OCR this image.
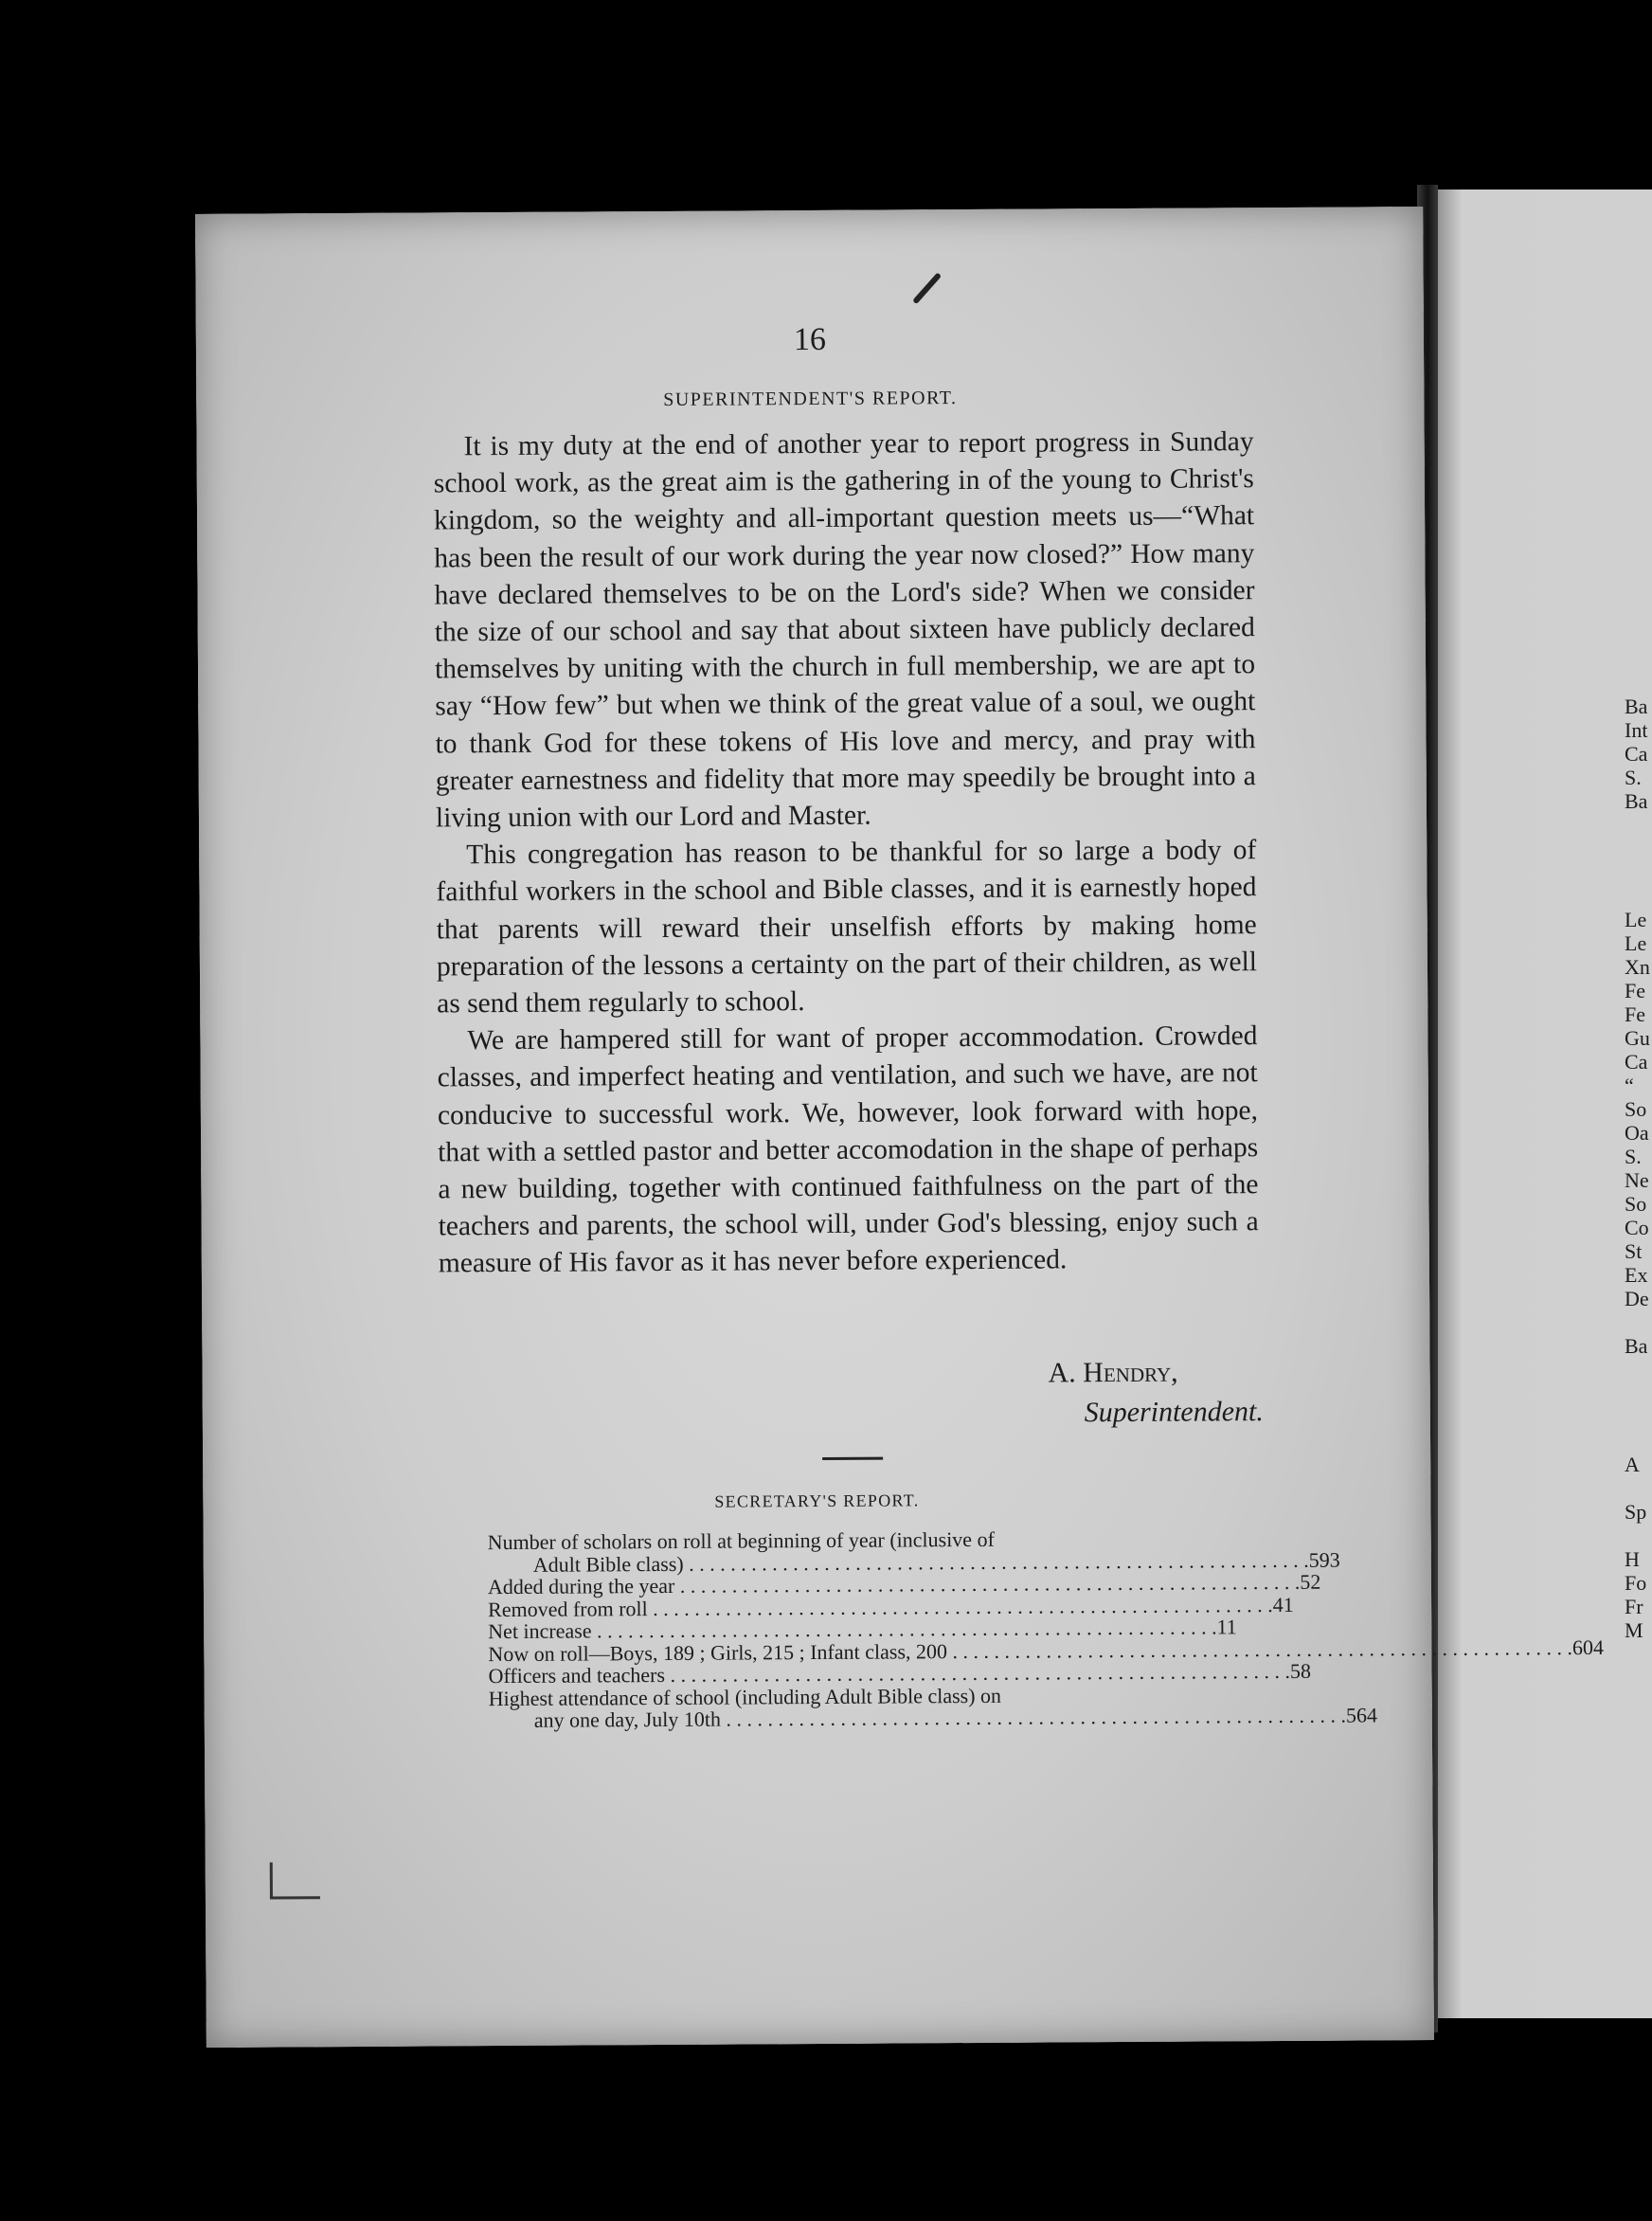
16
SUPERINTENDENT'S REPORT.

It is my duty at the end of another year to report progress in Sunday school work, as the great aim is the gathering in of the young to Christ's kingdom, so the weighty and all-important question meets us—“What has been the result of our work during the year now closed?” How many have declared themselves to be on the Lord's side? When we consider the size of our school and say that about sixteen have publicly declared themselves by uniting with the church in full membership, we are apt to say “How few” but when we think of the great value of a soul, we ought to thank God for these tokens of His love and mercy, and pray with greater earnestness and fidelity that more may speedily be brought into a living union with our Lord and Master.

This congregation has reason to be thankful for so large a body of faithful workers in the school and Bible classes, and it is earnestly hoped that parents will reward their unselfish efforts by making home preparation of the lessons a certainty on the part of their children, as well as send them regularly to school.

We are hampered still for want of proper accommodation. Crowded classes, and imperfect heating and ventilation, and such we have, are not conducive to successful work. We, however, look forward with hope, that with a settled pastor and better accomodation in the shape of perhaps a new building, together with continued faithfulness on the part of the teachers and parents, the school will, under God's blessing, enjoy such a measure of His favor as it has never before experienced.

A. Hendry,
Superintendent.
SECRETARY'S REPORT.
Number of scholars on roll at beginning of year (inclusive of
Adult Bible class) . . . . . . . . . . . . . . . . . . . . . . . . . . . . . . . . . . . . . . . . . . . . . . . . . . . . . . . . . . . . 593
Added during the year . . . . . . . . . . . . . . . . . . . . . . . . . . . . . . . . . . . . . . . . . . . . . . . . . . . . . . . . . . . . 52
Removed from roll . . . . . . . . . . . . . . . . . . . . . . . . . . . . . . . . . . . . . . . . . . . . . . . . . . . . . . . . . . . . 41
Net increase . . . . . . . . . . . . . . . . . . . . . . . . . . . . . . . . . . . . . . . . . . . . . . . . . . . . . . . . . . . . 11
Now on roll—Boys, 189 ; Girls, 215 ; Infant class, 200 . . . . . . . . . . . . . . . . . . . . . . . . . . . . . . . . . . . . . . . . . . . . . . . . . . . . . . . . . . . . 604
Officers and teachers . . . . . . . . . . . . . . . . . . . . . . . . . . . . . . . . . . . . . . . . . . . . . . . . . . . . . . . . . . . . 58
Highest attendance of school (including Adult Bible class) on
any one day, July 10th . . . . . . . . . . . . . . . . . . . . . . . . . . . . . . . . . . . . . . . . . . . . . . . . . . . . . . . . . . . . 564
Ba
Int
Ca
S.
Ba

Le
Le
Xn
Fe
Fe
Gu
Ca
“
So
Oa
S.
Ne
So
Co
St
Ex
De

Ba

A

Sp

H
Fo
Fr
M
